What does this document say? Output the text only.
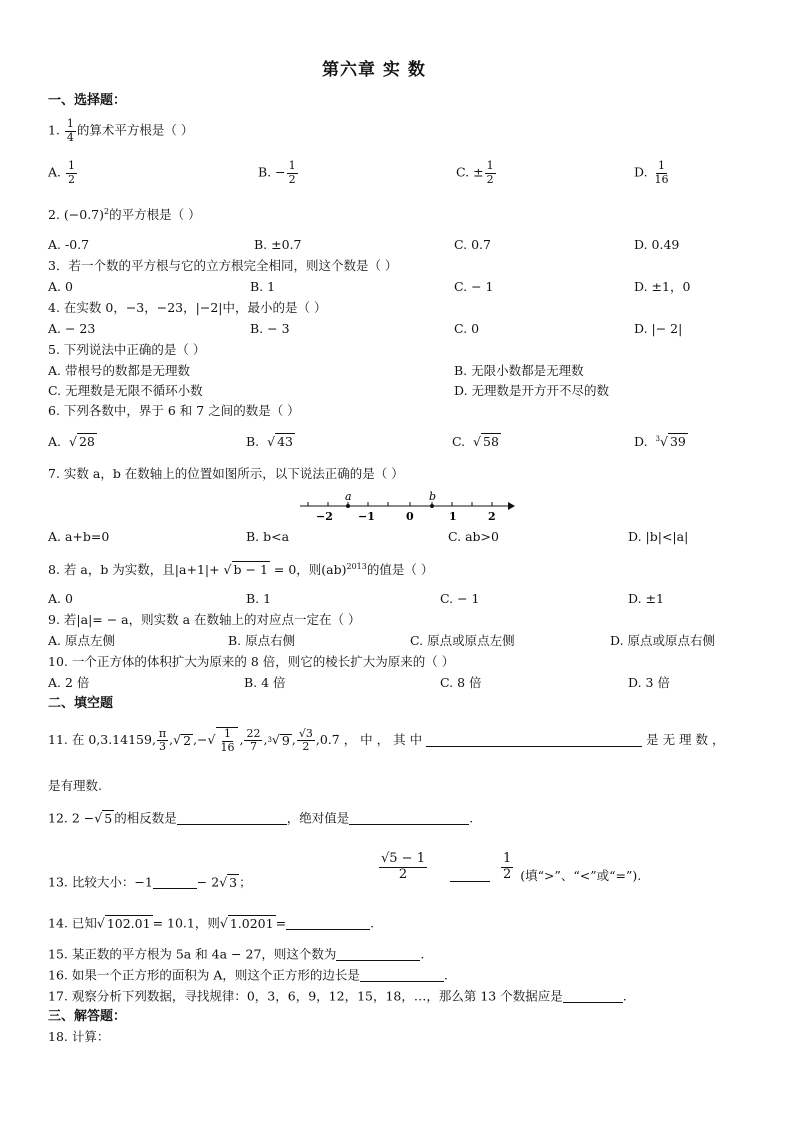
第六章 实 数
一、选择题：
1. $\frac{1}{4}$ 的算术平方根是（ ）
A. $\frac{1}{2}$	B. − $\frac{1}{2}$	C. ± $\frac{1}{2}$	D. $\frac{1}{16}$
2. $(-0.7)^2$的平方根是（ ）
A. -0.7	B. ±0.7	C. 0.7	D. 0.49
3．若一个数的平方根与它的立方根完全相同，则这个数是（ ）
A. 0	B. 1	C. − 1	D. ±1，0
4. 在实数 0，−3，−23，|−2|中，最小的是（ ）
A. − 23	B. − 3	C. 0	D. |− 2|
5. 下列说法中正确的是（ ）
A. 带根号的数都是无理数	B. 无限小数都是无理数
C. 无理数是无限不循环小数	D. 无理数是开方开不尽的数
6. 下列各数中，界于 6 和 7 之间的数是（ ）
A.  √ 28	B.  √ 43	C.  √ 58	D. $^3$√ 39
7. 实数 a，b 在数轴上的位置如图所示，以下说法正确的是（ ）
a	b
−2 −1	0	1	2
A. a+b=0	B. b<a	C. ab>0	D. |b|<|a|
8. 若 a，b 为实数，且|a+1|+ √ b − 1 = 0，则(ab)$^{2013}$的值是（ ）
A. 0	B. 1	C. − 1	D. ±1
9. 若|a|= − a，则实数 a 在数轴上的对应点一定在（ ）
A. 原点左侧	B. 原点右侧	C. 原点或原点左侧	D. 原点或原点右侧
10. 一个正方体的体积扩大为原来的 8 倍，则它的棱长扩大为原来的（ ）
A. 2 倍	B. 4 倍	C. 8 倍	D. 3 倍
二、填空题
11. 在 0,3.14159, $\frac{\pi}{3}$ ,√ 2 ,− √ $\frac{1}{16}$ , $\frac{22}{7}$ , 3 √ 9 , $\frac{√3}{2} ,0.7$ ， 中 ， 其 中	是 无 理 数 ，
是有理数.
12. 2 −√ 5 的相反数是	，绝对值是	.
13. 比较大小：−1	− 2√ 3 ；	$\frac{√5 - 1}{2}$	$\frac{1}{2}$ (填“>”、“<”或“=”).
14. 已知√ 102.01 = 10.1，则√ 1.0201 =	.
15. 某正数的平方根为 5a 和 4a − 27，则这个数为	.
16. 如果一个正方形的面积为 A，则这个正方形的边长是	.
17. 观察分析下列数据，寻找规律：0，3，6，9，12，15，18，…，那么第 13 个数据应是	.
三、解答题：
18. 计算：
